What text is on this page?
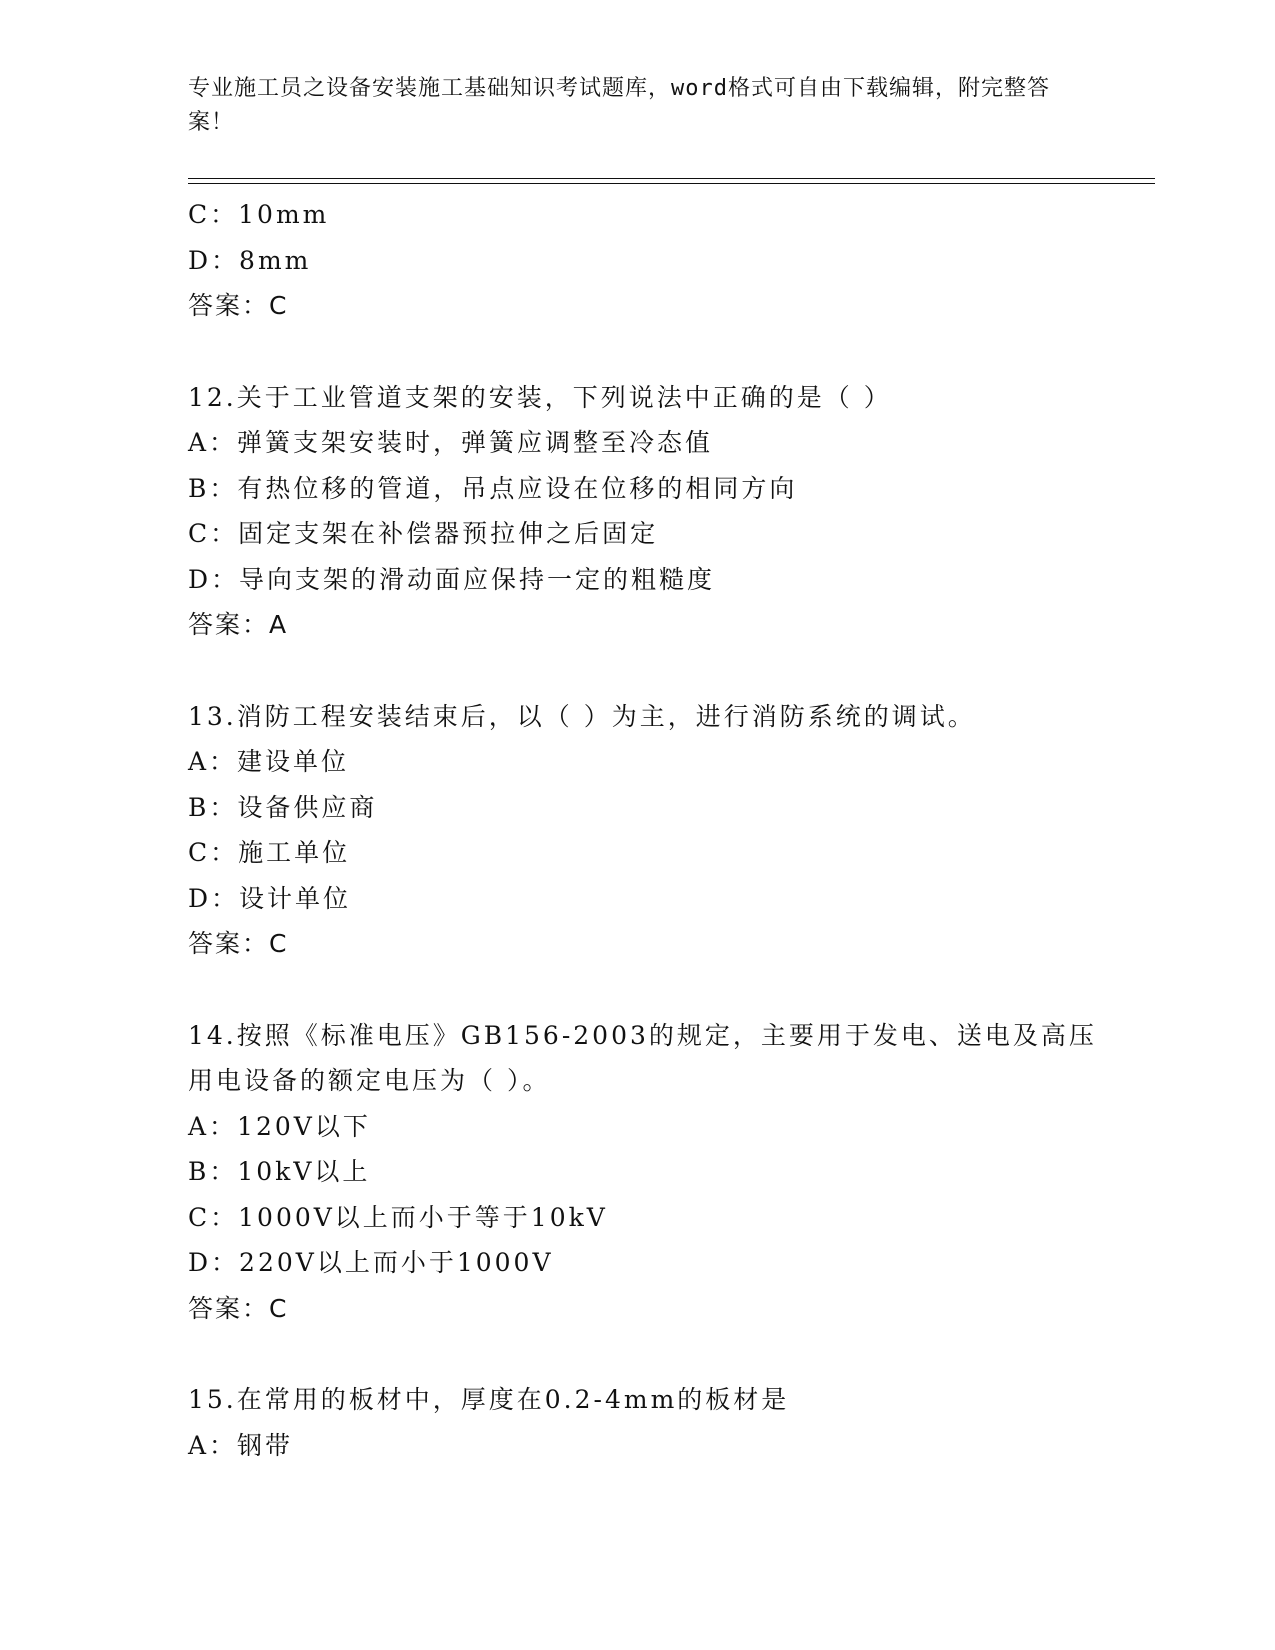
专业施工员之设备安装施工基础知识考试题库，word格式可自由下载编辑，附完整答案！
C：10mm
D：8mm
答案：C
12.关于工业管道支架的安装，下列说法中正确的是（ ）
A：弹簧支架安装时，弹簧应调整至冷态值
B：有热位移的管道，吊点应设在位移的相同方向
C：固定支架在补偿器预拉伸之后固定
D：导向支架的滑动面应保持一定的粗糙度
答案：A
13.消防工程安装结束后，以（ ）为主，进行消防系统的调试。
A：建设单位
B：设备供应商
C：施工单位
D：设计单位
答案：C
14.按照《标准电压》GB156-2003的规定，主要用于发电、送电及高压用电设备的额定电压为（ ）。
A：120V以下
B：10kV以上
C：1000V以上而小于等于10kV
D：220V以上而小于1000V
答案：C
15.在常用的板材中，厚度在0.2-4mm的板材是
A：钢带
